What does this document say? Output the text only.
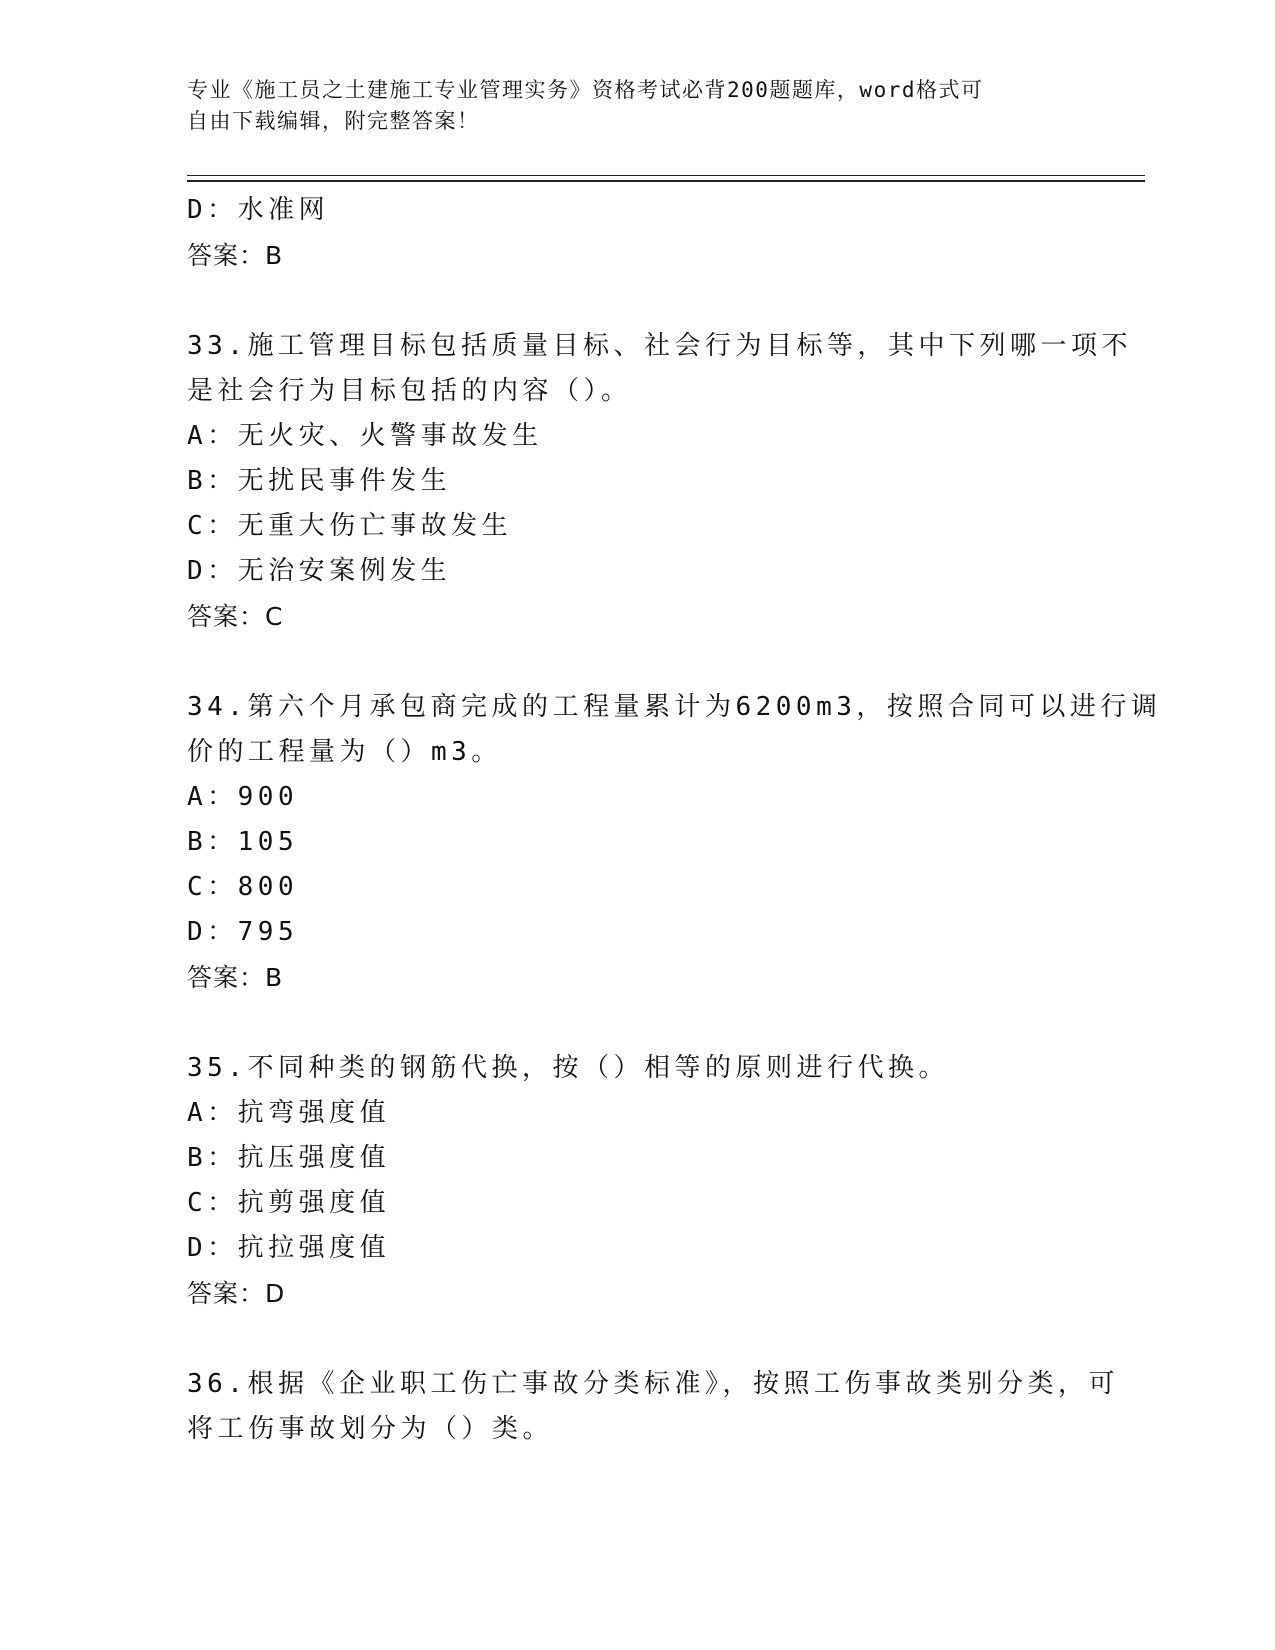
专业《施工员之土建施工专业管理实务》资格考试必背200题题库，word格式可
自由下载编辑，附完整答案！
D：水准网
答案：B
33.施工管理目标包括质量目标、社会行为目标等，其中下列哪一项不
是社会行为目标包括的内容（）。
A：无火灾、火警事故发生
B：无扰民事件发生
C：无重大伤亡事故发生
D：无治安案例发生
答案：C
34.第六个月承包商完成的工程量累计为6200m3，按照合同可以进行调
价的工程量为（）m3。
A：900
B：105
C：800
D：795
答案：B
35.不同种类的钢筋代换，按（）相等的原则进行代换。
A：抗弯强度值
B：抗压强度值
C：抗剪强度值
D：抗拉强度值
答案：D
36.根据《企业职工伤亡事故分类标准》，按照工伤事故类别分类，可
将工伤事故划分为（）类。
